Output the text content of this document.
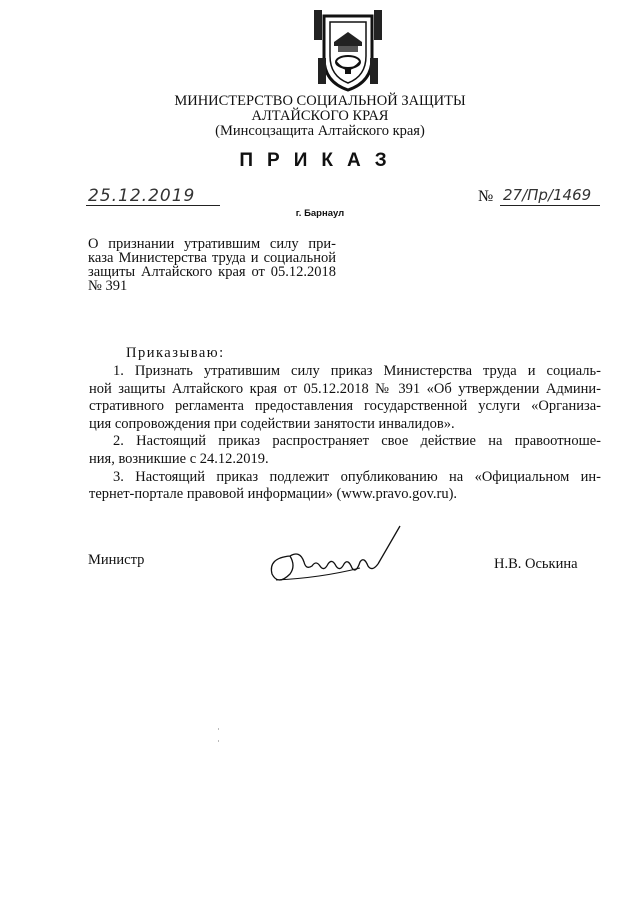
МИНИСТЕРСТВО СОЦИАЛЬНОЙ ЗАЩИТЫ
АЛТАЙСКОГО КРАЯ
(Минсоцзащита Алтайского края)
ПРИКАЗ
25.12.2019	№ 27/Пр/1469
г. Барнаул
О признании утратившим силу при-
каза Министерства труда и социальной
защиты Алтайского края от 05.12.2018
№ 391
Приказываю:
1. Признать утратившим силу приказ Министерства труда и социаль-
ной защиты Алтайского края от 05.12.2018 № 391 «Об утверждении Админи-
стративного регламента предоставления государственной услуги «Организа-
ция сопровождения при содействии занятости инвалидов».
2. Настоящий приказ распространяет свое действие на правоотноше-
ния, возникшие с 24.12.2019.
3. Настоящий приказ подлежит опубликованию на «Официальном ин-
тернет-портале правовой информации» (www.pravo.gov.ru).
Министр	Н.В. Оськина
